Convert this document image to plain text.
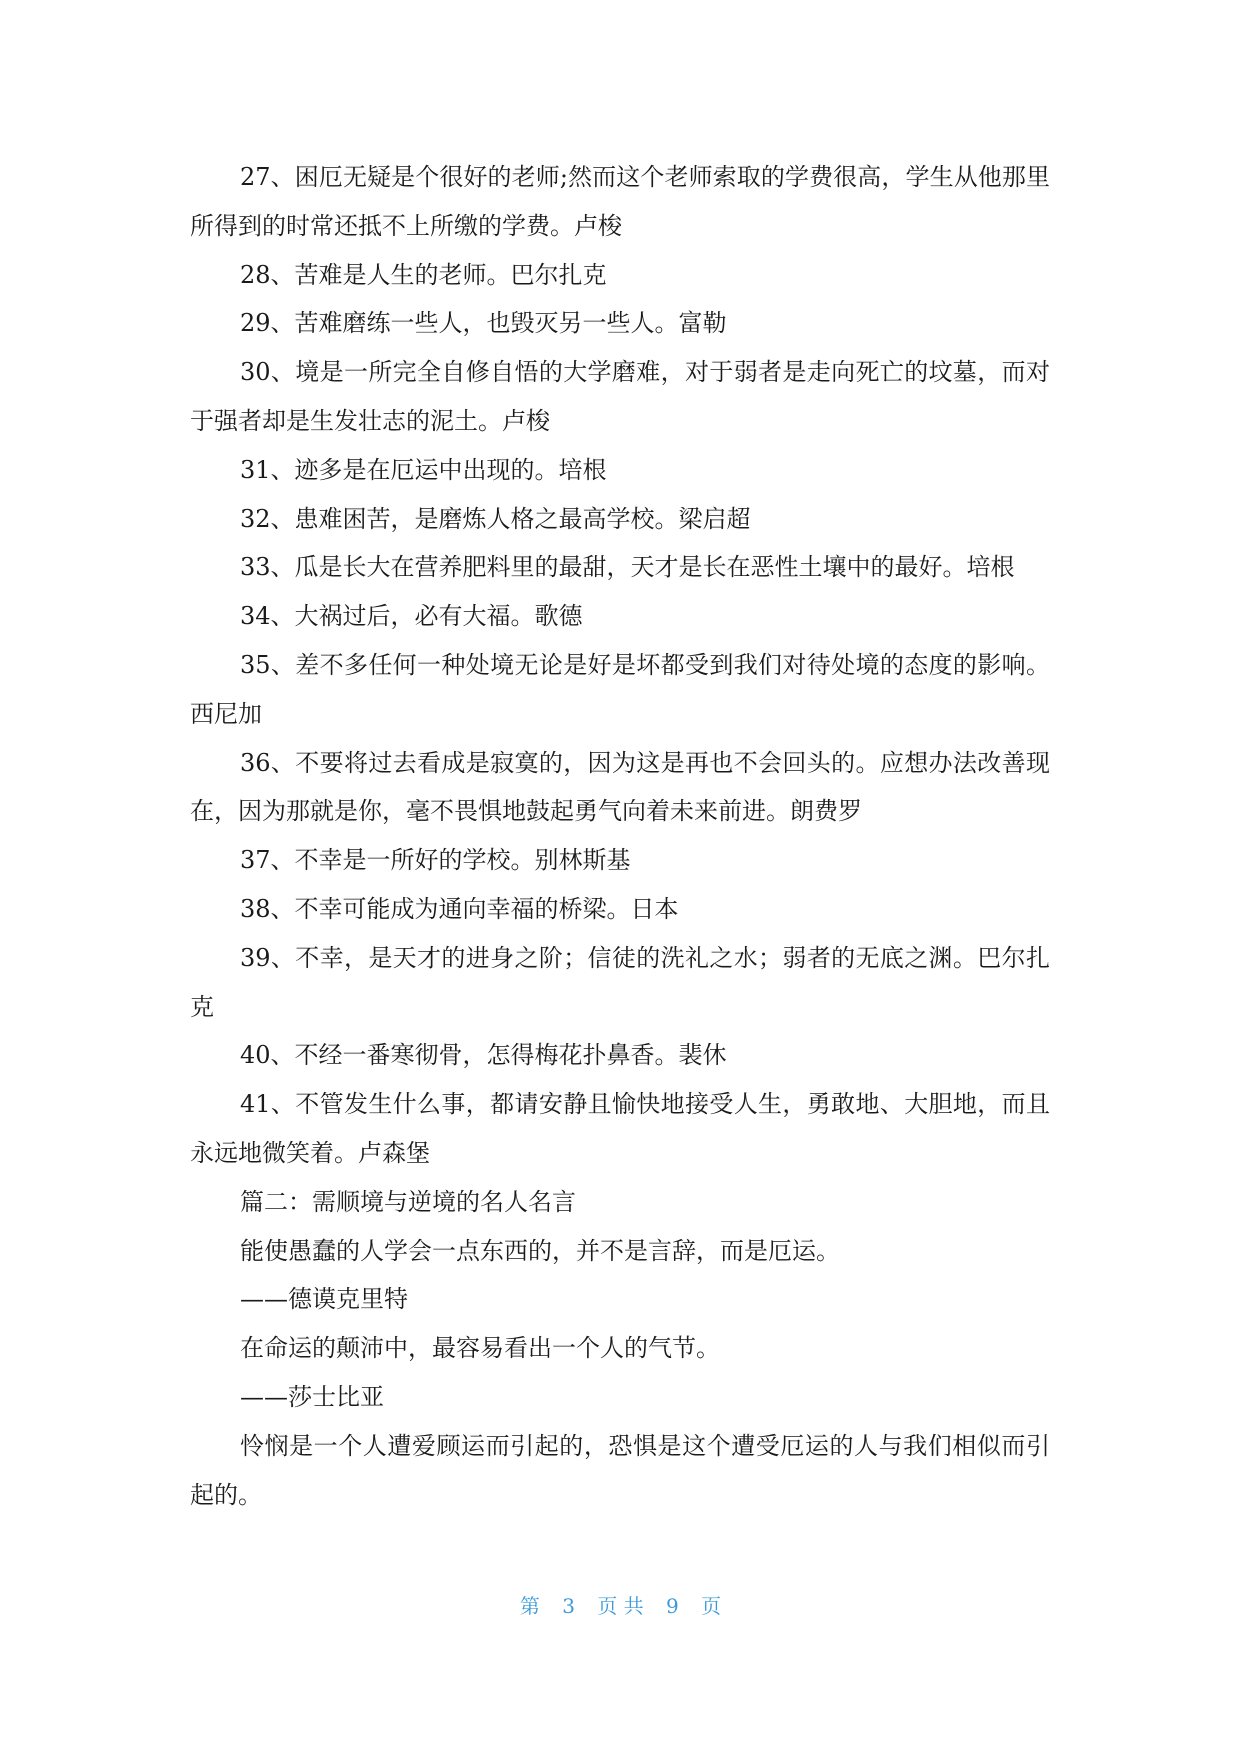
27、困厄无疑是个很好的老师;然而这个老师索取的学费很高，学生从他那里所得到的时常还抵不上所缴的学费。卢梭

28、苦难是人生的老师。巴尔扎克

29、苦难磨练一些人，也毁灭另一些人。富勒

30、境是一所完全自修自悟的大学磨难，对于弱者是走向死亡的坟墓，而对于强者却是生发壮志的泥土。卢梭

31、迹多是在厄运中出现的。培根

32、患难困苦，是磨炼人格之最高学校。梁启超

33、瓜是长大在营养肥料里的最甜，天才是长在恶性土壤中的最好。培根

34、大祸过后，必有大福。歌德

35、差不多任何一种处境无论是好是坏都受到我们对待处境的态度的影响。西尼加

36、不要将过去看成是寂寞的，因为这是再也不会回头的。应想办法改善现在，因为那就是你，毫不畏惧地鼓起勇气向着未来前进。朗费罗

37、不幸是一所好的学校。别林斯基

38、不幸可能成为通向幸福的桥梁。日本

39、不幸，是天才的进身之阶；信徒的洗礼之水；弱者的无底之渊。巴尔扎克

40、不经一番寒彻骨，怎得梅花扑鼻香。裴休

41、不管发生什么事，都请安静且愉快地接受人生，勇敢地、大胆地，而且永远地微笑着。卢森堡

篇二：需顺境与逆境的名人名言

能使愚蠢的人学会一点东西的，并不是言辞，而是厄运。

——德谟克里特

在命运的颠沛中，最容易看出一个人的气节。

——莎士比亚

怜悯是一个人遭爱顾运而引起的，恐惧是这个遭受厄运的人与我们相似而引起的。

第 3 页 共 9 页
